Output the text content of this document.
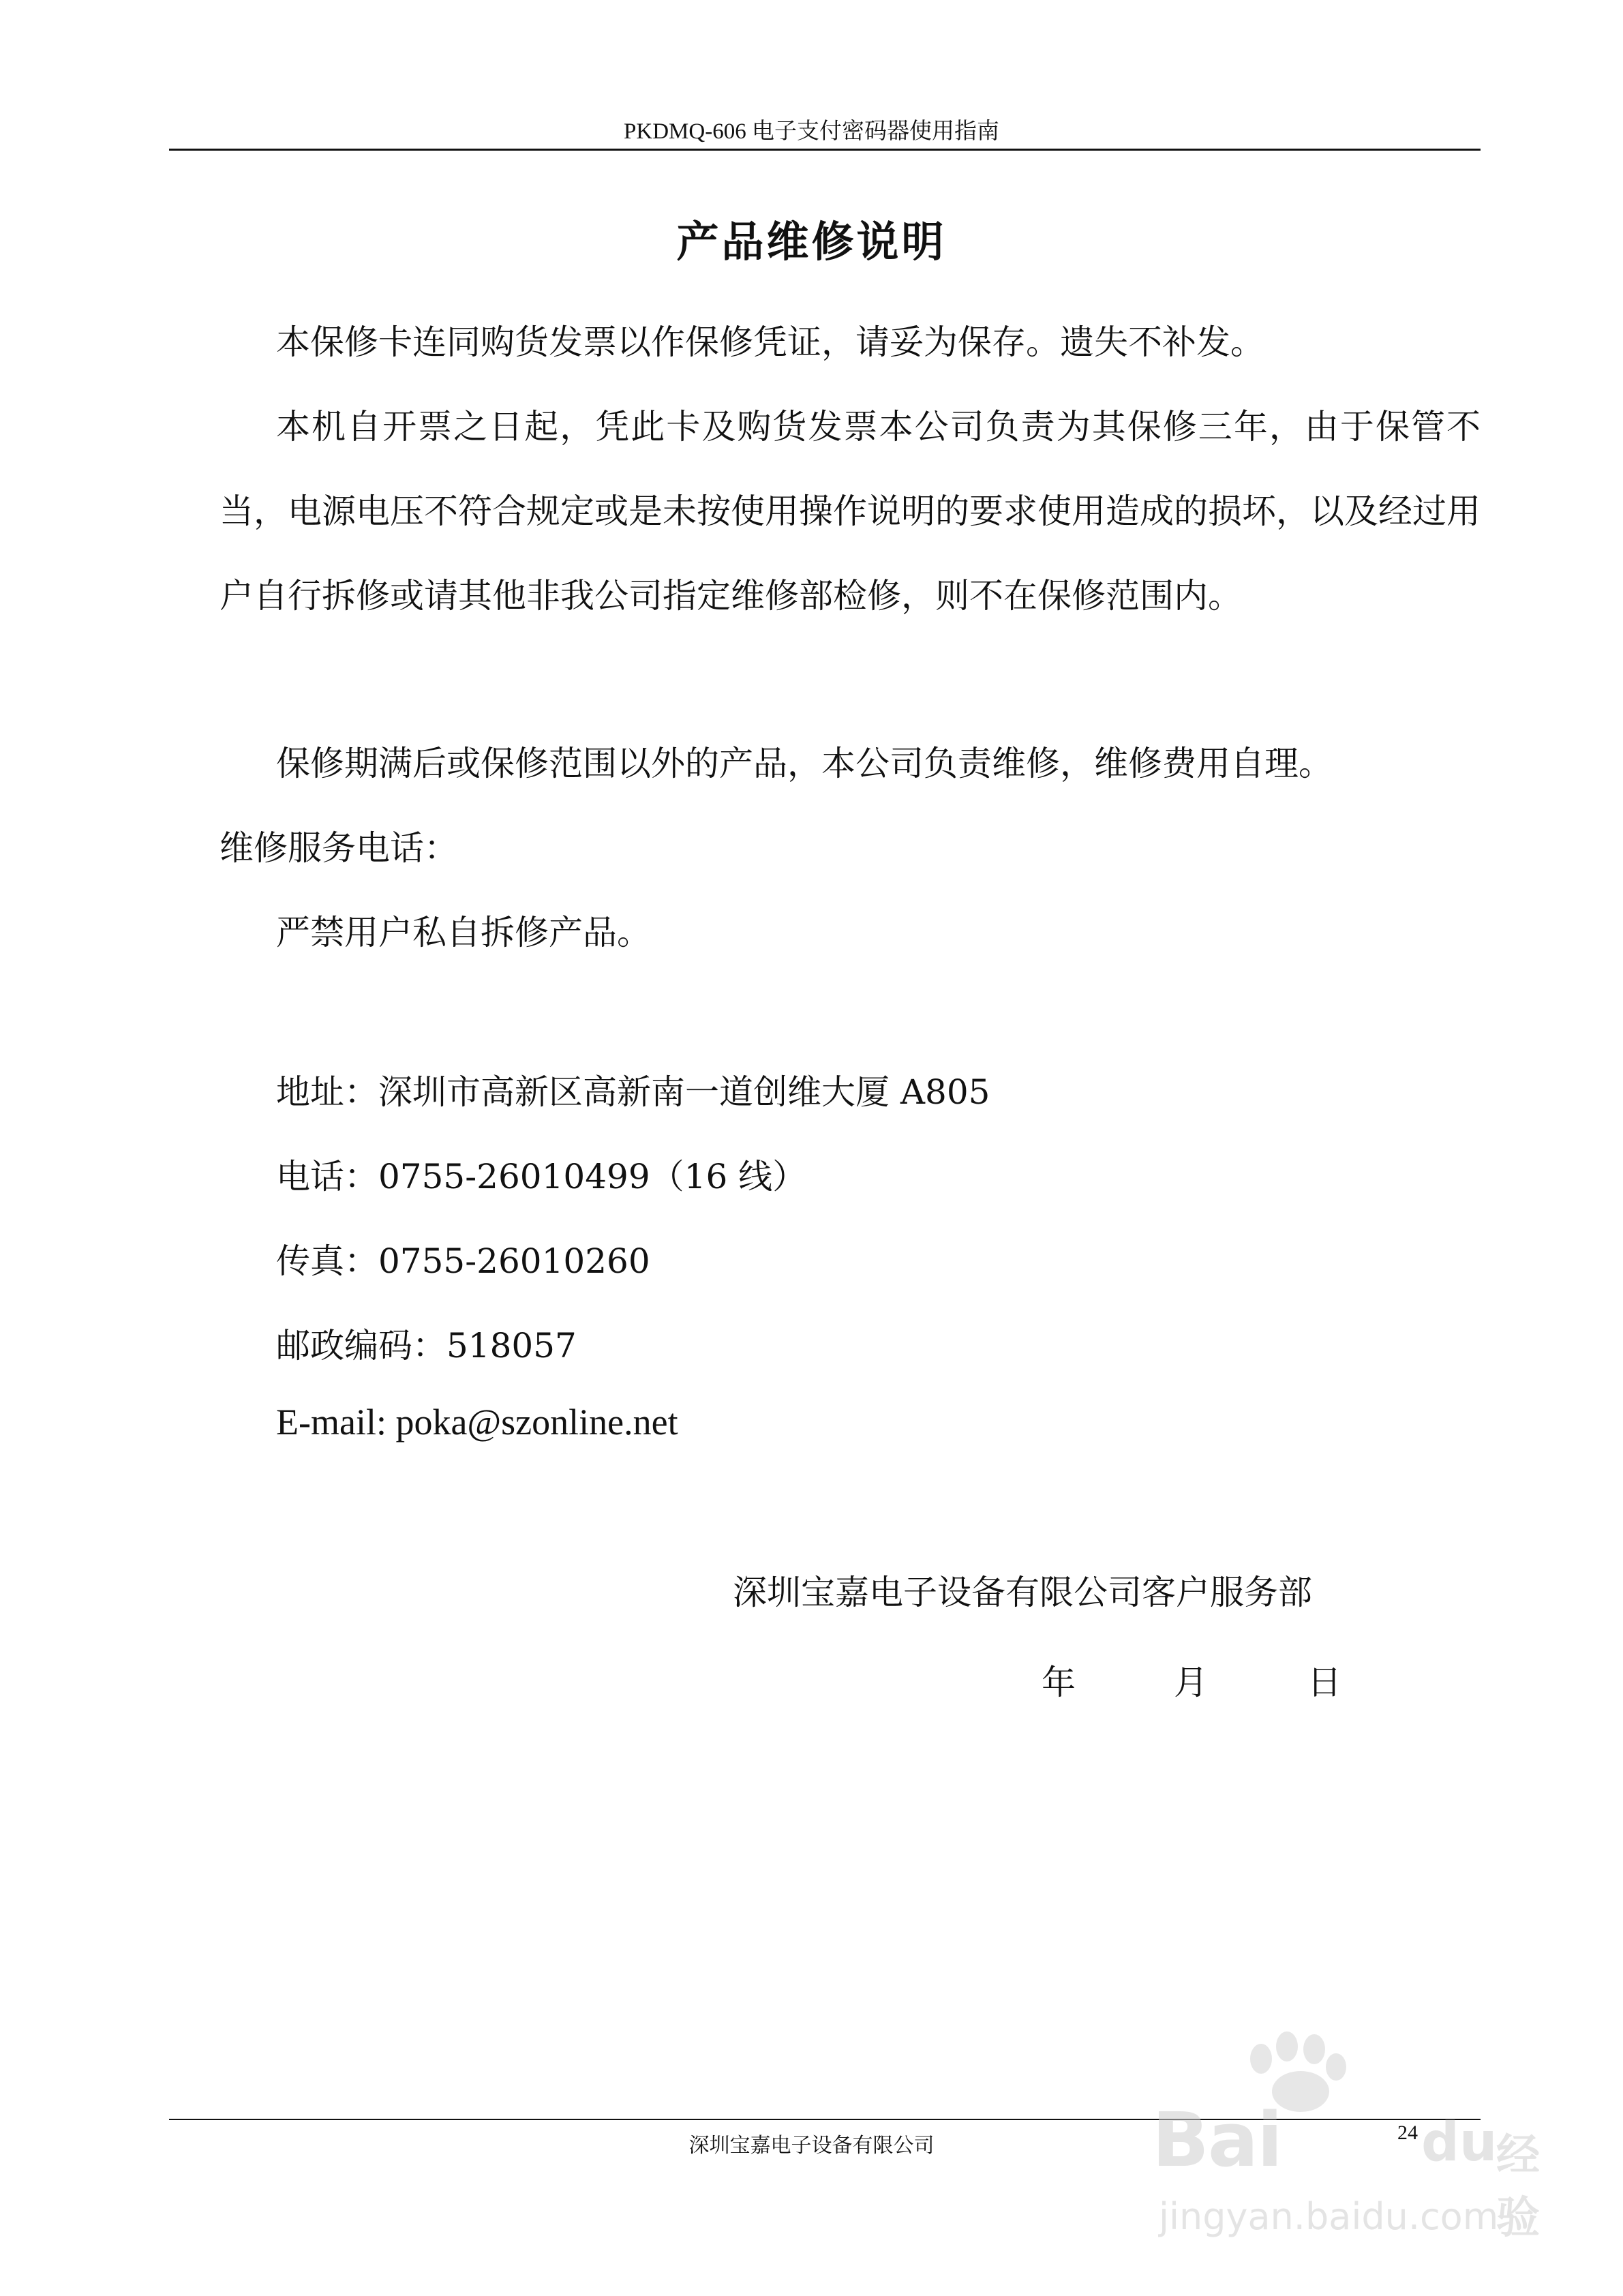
PKDMQ-606 电子支付密码器使用指南
产品维修说明

本保修卡连同购货发票以作保修凭证，请妥为保存。遗失不补发。

本机自开票之日起，凭此卡及购货发票本公司负责为其保修三年，由于保管不当，电源电压不符合规定或是未按使用操作说明的要求使用造成的损坏，以及经过用户自行拆修或请其他非我公司指定维修部检修，则不在保修范围内。

保修期满后或保修范围以外的产品，本公司负责维修，维修费用自理。

维修服务电话：

严禁用户私自拆修产品。

地址：深圳市高新区高新南一道创维大厦 A805
电话：0755-26010499（16 线）
传真：0755-26010260
邮政编码：518057
E-mail: poka@szonline.net
深圳宝嘉电子设备有限公司客户服务部
年	月	日
深圳宝嘉电子设备有限公司
24
Bai	du
经验
jingyan.baidu.com
